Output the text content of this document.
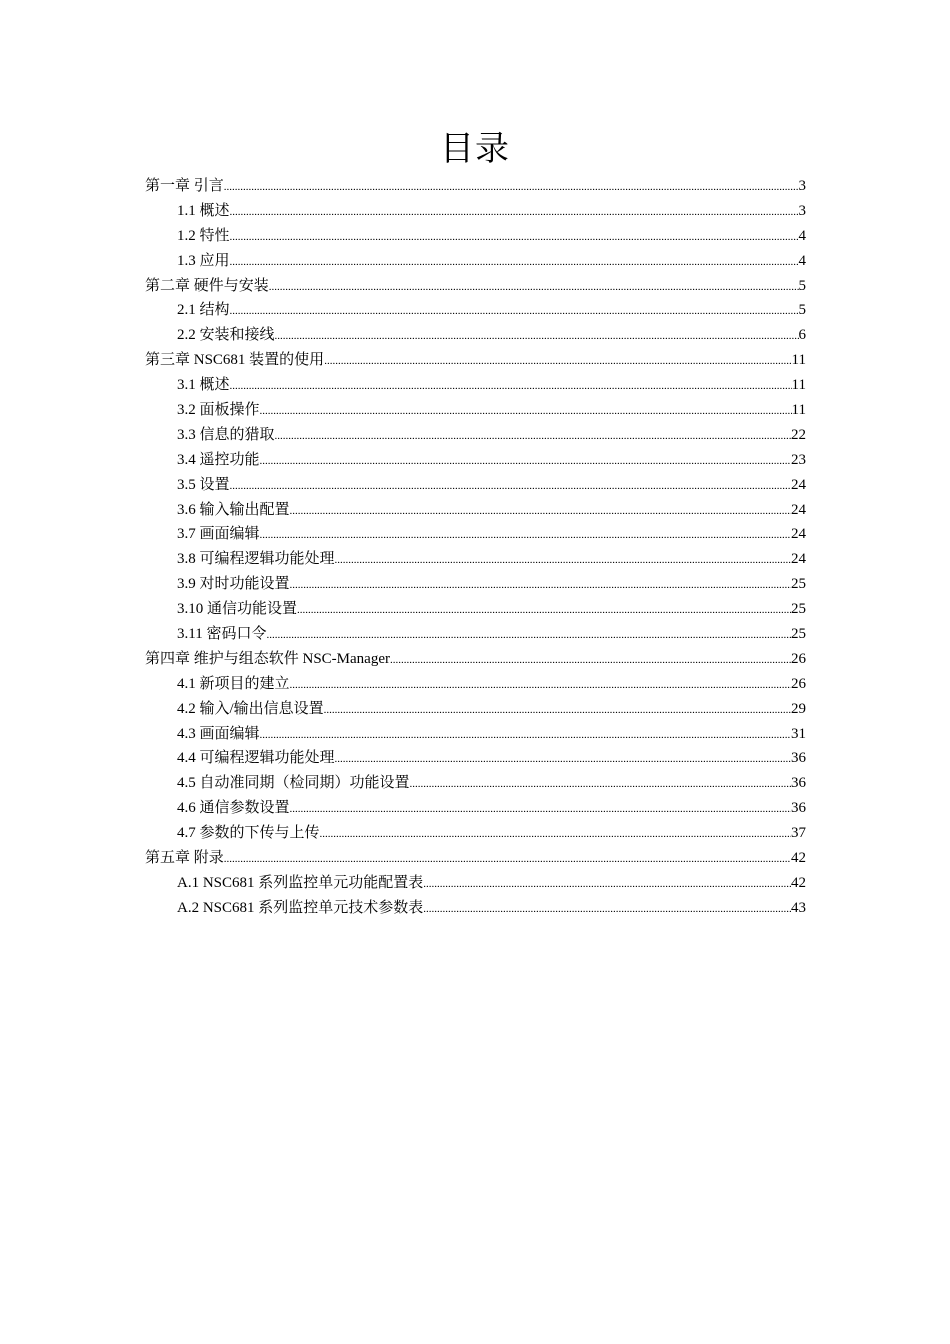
目录
第一章 引言 .....	3
1.1 概述 .....	3
1.2 特性 .....	4
1.3 应用 .....	4
第二章 硬件与安装 .....	5
2.1 结构 .....	5
2.2 安装和接线 .....	6
第三章 NSC681 装置的使用 .....	11
3.1 概述 .....	11
3.2 面板操作 .....	11
3.3 信息的猎取 .....	22
3.4 遥控功能 .....	23
3.5 设置 .....	24
3.6 输入输出配置 .....	24
3.7 画面编辑 .....	24
3.8 可编程逻辑功能处理 .....	24
3.9 对时功能设置 .....	25
3.10 通信功能设置 .....	25
3.11 密码口令 .....	25
第四章 维护与组态软件 NSC-Manager .....	26
4.1 新项目的建立 .....	26
4.2 输入/输出信息设置 .....	29
4.3 画面编辑 .....	31
4.4 可编程逻辑功能处理 .....	36
4.5 自动准同期（检同期）功能设置 .....	36
4.6 通信参数设置 .....	36
4.7 参数的下传与上传 .....	37
第五章 附录 .....	42
A.1 NSC681 系列监控单元功能配置表 .....	42
A.2 NSC681 系列监控单元技术参数表 .....	43
